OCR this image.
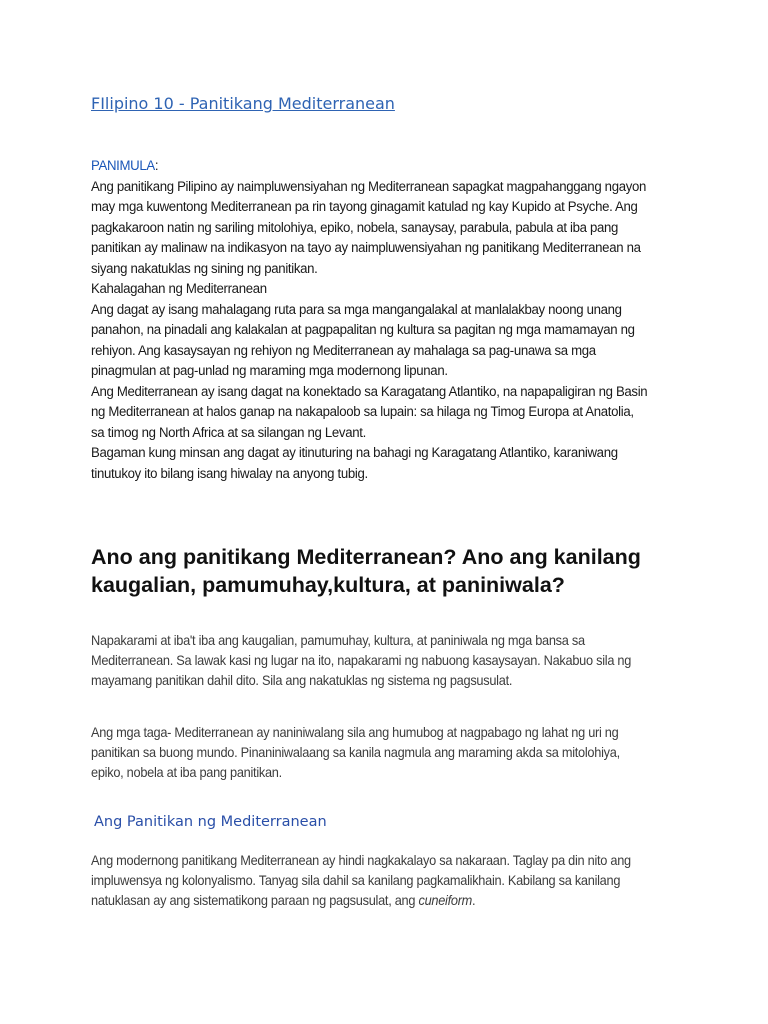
FIlipino 10 - Panitikang Mediterranean

PANIMULA:

Ang panitikang Pilipino ay naimpluwensiyahan ng Mediterranean sapagkat magpahanggang ngayon may mga kuwentong Mediterranean pa rin tayong ginagamit katulad ng kay Kupido at Psyche. Ang pagkakaroon natin ng sariling mitolohiya, epiko, nobela, sanaysay, parabula, pabula at iba pang panitikan ay malinaw na indikasyon na tayo ay naimpluwensiyahan ng panitikang Mediterranean na siyang nakatuklas ng sining ng panitikan.

Kahalagahan ng Mediterranean

Ang dagat ay isang mahalagang ruta para sa mga mangangalakal at manlalakbay noong unang panahon, na pinadali ang kalakalan at pagpapalitan ng kultura sa pagitan ng mga mamamayan ng rehiyon. Ang kasaysayan ng rehiyon ng Mediterranean ay mahalaga sa pag-unawa sa mga pinagmulan at pag-unlad ng maraming mga modernong lipunan.

Ang Mediterranean ay isang dagat na konektado sa Karagatang Atlantiko, na napapaligiran ng Basin ng Mediterranean at halos ganap na nakapaloob sa lupain: sa hilaga ng Timog Europa at Anatolia, sa timog ng North Africa at sa silangan ng Levant.

Bagaman kung minsan ang dagat ay itinuturing na bahagi ng Karagatang Atlantiko, karaniwang tinutukoy ito bilang isang hiwalay na anyong tubig.

Ano ang panitikang Mediterranean? Ano ang kanilang kaugalian, pamumuhay,kultura, at paniniwala?

Napakarami at iba't iba ang kaugalian, pamumuhay, kultura, at paniniwala ng mga bansa sa Mediterranean. Sa lawak kasi ng lugar na ito, napakarami ng nabuong kasaysayan. Nakabuo sila ng mayamang panitikan dahil dito. Sila ang nakatuklas ng sistema ng pagsusulat.

Ang mga taga- Mediterranean ay naniniwalang sila ang humubog at nagpabago ng lahat ng uri ng panitikan sa buong mundo. Pinaniniwalaang sa kanila nagmula ang maraming akda sa mitolohiya, epiko, nobela at iba pang panitikan.

Ang Panitikan ng Mediterranean

Ang modernong panitikang Mediterranean ay hindi nagkakalayo sa nakaraan. Taglay pa din nito ang impluwensya ng kolonyalismo. Tanyag sila dahil sa kanilang pagkamalikhain. Kabilang sa kanilang natuklasan ay ang sistematikong paraan ng pagsusulat, ang cuneiform.
